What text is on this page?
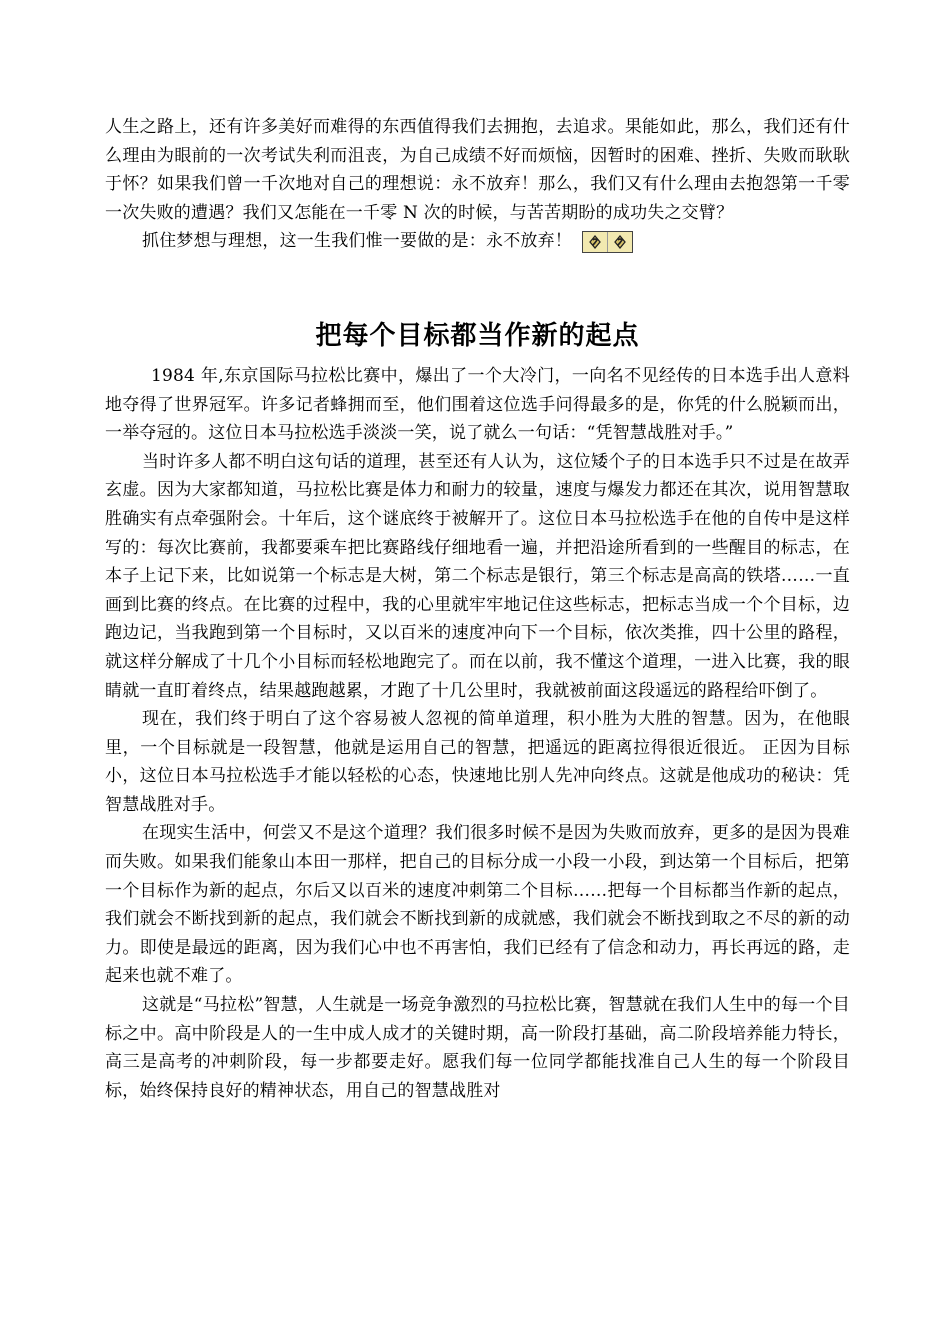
人生之路上，还有许多美好而难得的东西值得我们去拥抱，去追求。果能如此，那么，我们还有什么理由为眼前的一次考试失利而沮丧，为自己成绩不好而烦恼，因暂时的困难、挫折、失败而耿耿于怀？如果我们曾一千次地对自己的理想说：永不放弃！那么，我们又有什么理由去抱怨第一千零一次失败的遭遇？我们又怎能在一千零 N 次的时候，与苦苦期盼的成功失之交臂？

抓住梦想与理想，这一生我们惟一要做的是：永不放弃！
把每个目标都当作新的起点

1984 年,东京国际马拉松比赛中，爆出了一个大冷门，一向名不见经传的日本选手出人意料地夺得了世界冠军。许多记者蜂拥而至，他们围着这位选手问得最多的是，你凭的什么脱颖而出，一举夺冠的。这位日本马拉松选手淡淡一笑，说了就么一句话：“凭智慧战胜对手。”

当时许多人都不明白这句话的道理，甚至还有人认为，这位矮个子的日本选手只不过是在故弄玄虚。因为大家都知道，马拉松比赛是体力和耐力的较量，速度与爆发力都还在其次，说用智慧取胜确实有点牵强附会。十年后，这个谜底终于被解开了。这位日本马拉松选手在他的自传中是这样写的：每次比赛前，我都要乘车把比赛路线仔细地看一遍，并把沿途所看到的一些醒目的标志，在本子上记下来，比如说第一个标志是大树，第二个标志是银行，第三个标志是高高的铁塔……一直画到比赛的终点。在比赛的过程中，我的心里就牢牢地记住这些标志，把标志当成一个个目标，边跑边记，当我跑到第一个目标时，又以百米的速度冲向下一个目标，依次类推，四十公里的路程，就这样分解成了十几个小目标而轻松地跑完了。而在以前，我不懂这个道理，一进入比赛，我的眼睛就一直盯着终点，结果越跑越累，才跑了十几公里时，我就被前面这段遥远的路程给吓倒了。

现在，我们终于明白了这个容易被人忽视的简单道理，积小胜为大胜的智慧。因为，在他眼里，一个目标就是一段智慧，他就是运用自己的智慧，把遥远的距离拉得很近很近。 正因为目标小，这位日本马拉松选手才能以轻松的心态，快速地比别人先冲向终点。这就是他成功的秘诀：凭智慧战胜对手。

在现实生活中，何尝又不是这个道理？我们很多时候不是因为失败而放弃，更多的是因为畏难而失败。如果我们能象山本田一那样，把自己的目标分成一小段一小段，到达第一个目标后，把第一个目标作为新的起点，尔后又以百米的速度冲刺第二个目标……把每一个目标都当作新的起点，我们就会不断找到新的起点，我们就会不断找到新的成就感，我们就会不断找到取之不尽的新的动力。即使是最远的距离，因为我们心中也不再害怕，我们已经有了信念和动力，再长再远的路，走起来也就不难了。

这就是“马拉松”智慧，人生就是一场竞争激烈的马拉松比赛，智慧就在我们人生中的每一个目标之中。高中阶段是人的一生中成人成才的关键时期，高一阶段打基础，高二阶段培养能力特长，高三是高考的冲刺阶段，每一步都要走好。愿我们每一位同学都能找准自己人生的每一个阶段目标，始终保持良好的精神状态，用自己的智慧战胜对
